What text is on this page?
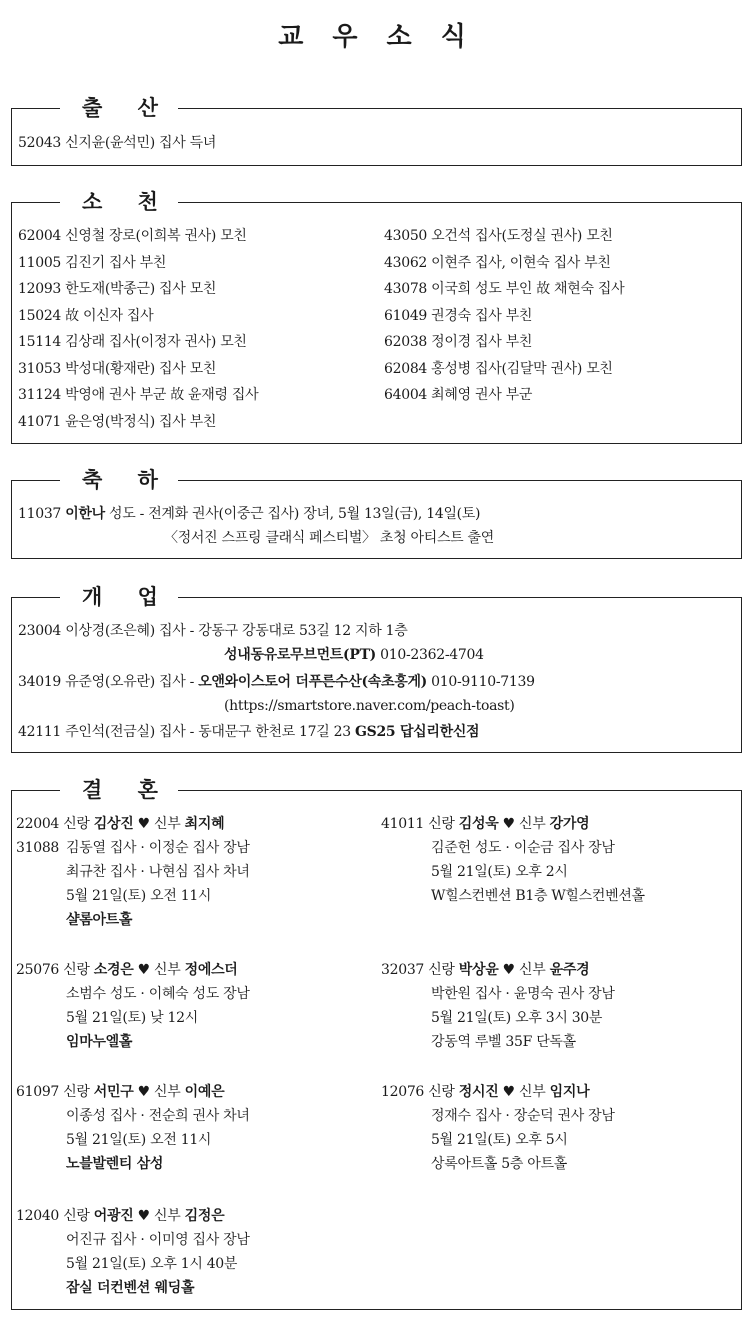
교 우 소 식
출 산
52043 신지윤(윤석민) 집사 득녀
소 천
62004 신영철 장로(이희복 권사) 모친
11005 김진기 집사 부친
12093 한도재(박종근) 집사 모친
15024 故 이신자 집사
15114 김상래 집사(이정자 권사) 모친
31053 박성대(황재란) 집사 모친
31124 박영애 권사 부군 故 윤재령 집사
41071 윤은영(박정식) 집사 부친
43050 오건석 집사(도정실 권사) 모친
43062 이현주 집사, 이현숙 집사 부친
43078 이국희 성도 부인 故 채현숙 집사
61049 권경숙 집사 부친
62038 정이경 집사 부친
62084 홍성병 집사(김달막 권사) 모친
64004 최혜영 권사 부군
축 하
11037 이한나 성도 - 전계화 권사(이중근 집사) 장녀, 5월 13일(금), 14일(토)
〈정서진 스프링 클래식 페스티벌〉 초청 아티스트 출연
개 업
23004 이상경(조은혜) 집사 - 강동구 강동대로 53길 12 지하 1층
성내동유로무브먼트(PT) 010-2362-4704
34019 유준영(오유란) 집사 - 오앤와이스토어 더푸른수산(속초홍게) 010-9110-7139
(https://smartstore.naver.com/peach-toast)
42111 주인석(전금실) 집사 - 동대문구 한천로 17길 23 GS25 답십리한신점
결 혼
22004 신랑 김상진 ♥ 신부 최지혜
31088 김동열 집사 · 이정순 집사 장남
최규찬 집사 · 나현심 집사 차녀
5월 21일(토) 오전 11시
샬롬아트홀
41011 신랑 김성욱 ♥ 신부 강가영
김준헌 성도 · 이순금 집사 장남
5월 21일(토) 오후 2시
W힐스컨벤션 B1층 W힐스컨벤션홀
25076 신랑 소경은 ♥ 신부 정에스더
소범수 성도 · 이혜숙 성도 장남
5월 21일(토) 낮 12시
임마누엘홀
32037 신랑 박상윤 ♥ 신부 윤주경
박한원 집사 · 윤명숙 권사 장남
5월 21일(토) 오후 3시 30분
강동역 루벨 35F 단독홀
61097 신랑 서민구 ♥ 신부 이예은
이종성 집사 · 전순희 권사 차녀
5월 21일(토) 오전 11시
노블발렌티 삼성
12076 신랑 정시진 ♥ 신부 임지나
정재수 집사 · 장순덕 권사 장남
5월 21일(토) 오후 5시
상록아트홀 5층 아트홀
12040 신랑 어광진 ♥ 신부 김정은
어진규 집사 · 이미영 집사 장남
5월 21일(토) 오후 1시 40분
잠실 더컨벤션 웨딩홀
